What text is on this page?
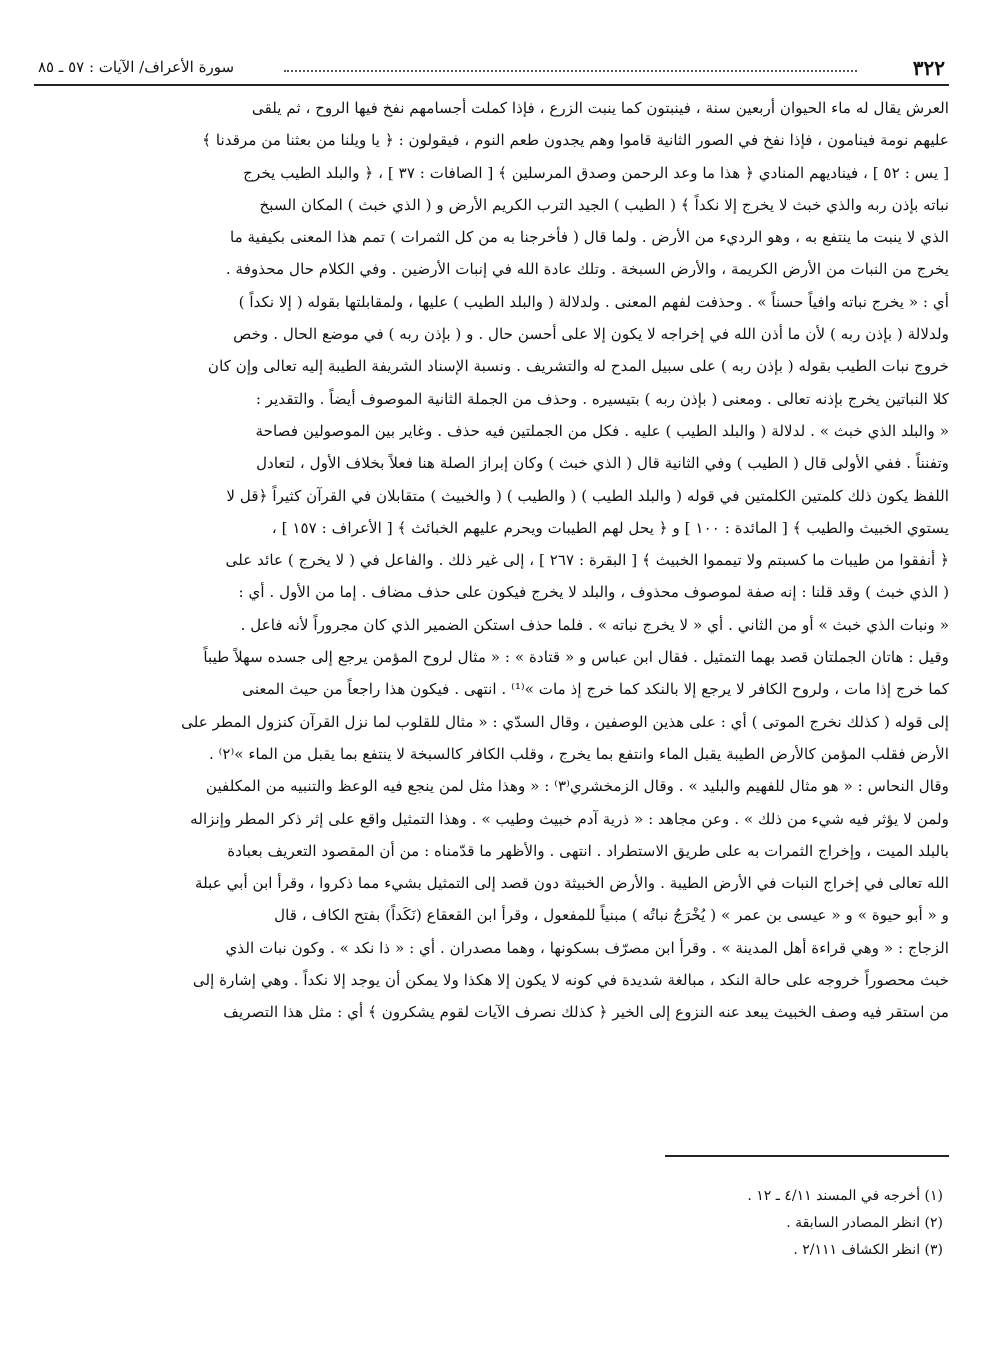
٣٢٢
سورة الأعراف/ الآيات : ٥٧ ـ ٨٥

العرش يقال له ماء الحيوان أربعين سنة ، فينبتون كما ينبت الزرع ، فإذا كملت أجسامهم نفخ فيها الروح ، ثم يلقى

عليهم نومة فينامون ، فإذا نفخ في الصور الثانية قاموا وهم يجدون طعم النوم ، فيقولون : ﴿ يا ويلنا من بعثنا من مرقدنا ﴾

[ يس : ٥٢ ] ، فيناديهم المنادي ﴿ هذا ما وعد الرحمن وصدق المرسلين ﴾ [ الصافات : ٣٧ ] ، ﴿ والبلد الطيب يخرج

نباته بإذن ربه والذي خبث لا يخرج إلا نكداً ﴾ ( الطيب ) الجيد الترب الكريم الأرض و ( الذي خبث ) المكان السبخ

الذي لا ينبت ما ينتفع به ، وهو الرديء من الأرض . ولما قال ( فأخرجنا به من كل الثمرات ) تمم هذا المعنى بكيفية ما

يخرج من النبات من الأرض الكريمة ، والأرض السبخة . وتلك عادة الله في إنبات الأرضين . وفي الكلام حال محذوفة .

أي : « يخرج نباته وافياً حسناً » . وحذفت لفهم المعنى . ولدلالة ( والبلد الطيب ) عليها ، ولمقابلتها بقوله ( إلا نكداً )

ولدلالة ( بإذن ربه ) لأن ما أذن الله في إخراجه لا يكون إلا على أحسن حال . و ( بإذن ربه ) في موضع الحال . وخص

خروج نبات الطيب بقوله ( بإذن ربه ) على سبيل المدح له والتشريف . ونسبة الإسناد الشريفة الطيبة إليه تعالى وإن كان

كلا النباتين يخرج بإذنه تعالى . ومعنى ( بإذن ربه ) بتيسيره . وحذف من الجملة الثانية الموصوف أيضاً . والتقدير :

« والبلد الذي خبث » . لدلالة ( والبلد الطيب ) عليه . فكل من الجملتين فيه حذف . وغاير بين الموصولين فصاحة

وتفنناً . ففي الأولى قال ( الطيب ) وفي الثانية قال ( الذي خبث ) وكان إبراز الصلة هنا فعلاً بخلاف الأول ، لتعادل

اللفظ يكون ذلك كلمتين الكلمتين في قوله ( والبلد الطيب ) ( والطيب ) ( والخبيث ) متقابلان في القرآن كثيراً ﴿قل لا

يستوي الخبيث والطيب ﴾ [ المائدة : ١٠٠ ] و ﴿ يحل لهم الطيبات ويحرم عليهم الخبائث ﴾ [ الأعراف : ١٥٧ ] ،

﴿ أنفقوا من طيبات ما كسبتم ولا تيمموا الخبيث ﴾ [ البقرة : ٢٦٧ ] ، إلى غير ذلك . والفاعل في ( لا يخرج ) عائد على

( الذي خبث ) وقد قلنا : إنه صفة لموصوف محذوف ، والبلد لا يخرج فيكون على حذف مضاف . إما من الأول . أي :

« ونبات الذي خبث » أو من الثاني . أي « لا يخرج نباته » . فلما حذف استكن الضمير الذي كان مجروراً لأنه فاعل .

وقيل : هاتان الجملتان قصد بهما التمثيل . فقال ابن عباس و « قتادة » : « مثال لروح المؤمن يرجع إلى جسده سهلاً طيباً

كما خرج إذا مات ، ولروح الكافر لا يرجع إلا بالنكد كما خرج إذ مات »⁽¹⁾ . انتهى . فيكون هذا راجعاً من حيث المعنى

إلى قوله ( كذلك نخرج الموتى ) أي : على هذين الوصفين ، وقال السدّي : « مثال للقلوب لما نزل القرآن كنزول المطر على

الأرض فقلب المؤمن كالأرض الطيبة يقبل الماء وانتفع بما يخرج ، وقلب الكافر كالسبخة لا ينتفع بما يقبل من الماء »⁽٢⁾ .

وقال النحاس : « هو مثال للفهيم والبليد » . وقال الزمخشري⁽٣⁾ : « وهذا مثل لمن ينجع فيه الوعظ والتنبيه من المكلفين

ولمن لا يؤثر فيه شيء من ذلك » . وعن مجاهد : « ذرية آدم خبيث وطيب » . وهذا التمثيل واقع على إثر ذكر المطر وإنزاله

بالبلد الميت ، وإخراج الثمرات به على طريق الاستطراد . انتهى . والأظهر ما قدّمناه : من أن المقصود التعريف بعبادة

الله تعالى في إخراج النبات في الأرض الطيبة . والأرض الخبيثة دون قصد إلى التمثيل بشيء مما ذكروا ، وقرأ ابن أبي عبلة

و « أبو حيوة » و « عيسى بن عمر » ( يُخْرَجُ نباتُه ) مبنياً للمفعول ، وقرأ ابن القعقاع (نَكَداً) بفتح الكاف ، قال

الزجاج : « وهي قراءة أهل المدينة » . وقرأ ابن مصرّف بسكونها ، وهما مصدران . أي : « ذا نكد » . وكون نبات الذي

خبث محصوراً خروجه على حالة النكد ، مبالغة شديدة في كونه لا يكون إلا هكذا ولا يمكن أن يوجد إلا نكداً . وهي إشارة إلى

من استقر فيه وصف الخبيث يبعد عنه النزوع إلى الخير ﴿ كذلك نصرف الآيات لقوم يشكرون ﴾ أي : مثل هذا التصريف

(١) أخرجه في المسند ٤/١١ ـ ١٢ .

(٢) انظر المصادر السابقة .

(٣) انظر الكشاف ٢/١١١ .
